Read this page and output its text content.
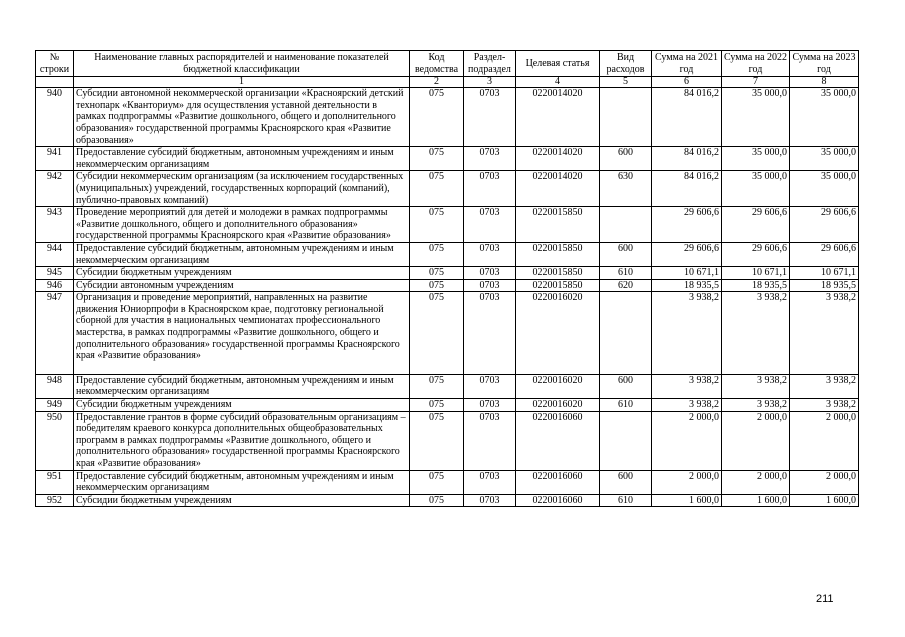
№ строки	Наименование главных распорядителей и наименование показателей бюджетной классификации	Код ведомства	Раздел-подраздел	Целевая статья	Вид расходов	Сумма на 2021 год	Сумма на 2022 год	Сумма на 2023 год
	1	2	3	4	5	6	7	8
940	Субсидии автономной некоммерческой организации «Красноярский детский технопарк «Кванториум» для осуществления уставной деятельности в рамках подпрограммы «Развитие дошкольного, общего и дополнительного образования» государственной программы Красноярского края «Развитие образования»	075	0703	0220014020		84 016,2	35 000,0	35 000,0
941	Предоставление субсидий бюджетным, автономным учреждениям и иным некоммерческим организациям	075	0703	0220014020	600	84 016,2	35 000,0	35 000,0
942	Субсидии некоммерческим организациям (за исключением государственных (муниципальных) учреждений, государственных корпораций (компаний), публично-правовых компаний)	075	0703	0220014020	630	84 016,2	35 000,0	35 000,0
943	Проведение мероприятий для детей и молодежи в рамках подпрограммы «Развитие дошкольного, общего и дополнительного образования» государственной программы Красноярского края «Развитие образования»	075	0703	0220015850		29 606,6	29 606,6	29 606,6
944	Предоставление субсидий бюджетным, автономным учреждениям и иным некоммерческим организациям	075	0703	0220015850	600	29 606,6	29 606,6	29 606,6
945	Субсидии бюджетным учреждениям	075	0703	0220015850	610	10 671,1	10 671,1	10 671,1
946	Субсидии автономным учреждениям	075	0703	0220015850	620	18 935,5	18 935,5	18 935,5
947	Организация и проведение мероприятий, направленных на развитие движения Юниорпрофи в Красноярском крае, подготовку региональной сборной для участия в национальных чемпионатах профессионального мастерства, в рамках подпрограммы «Развитие дошкольного, общего и дополнительного образования» государственной программы Красноярского края «Развитие образования»	075	0703	0220016020		3 938,2	3 938,2	3 938,2
948	Предоставление субсидий бюджетным, автономным учреждениям и иным некоммерческим организациям	075	0703	0220016020	600	3 938,2	3 938,2	3 938,2
949	Субсидии бюджетным учреждениям	075	0703	0220016020	610	3 938,2	3 938,2	3 938,2
950	Предоставление грантов в форме субсидий образовательным организациям – победителям краевого конкурса дополнительных общеобразовательных программ в рамках подпрограммы «Развитие дошкольного, общего и дополнительного образования» государственной программы Красноярского края «Развитие образования»	075	0703	0220016060		2 000,0	2 000,0	2 000,0
951	Предоставление субсидий бюджетным, автономным учреждениям и иным некоммерческим организациям	075	0703	0220016060	600	2 000,0	2 000,0	2 000,0
952	Субсидии бюджетным учреждениям	075	0703	0220016060	610	1 600,0	1 600,0	1 600,0
211
